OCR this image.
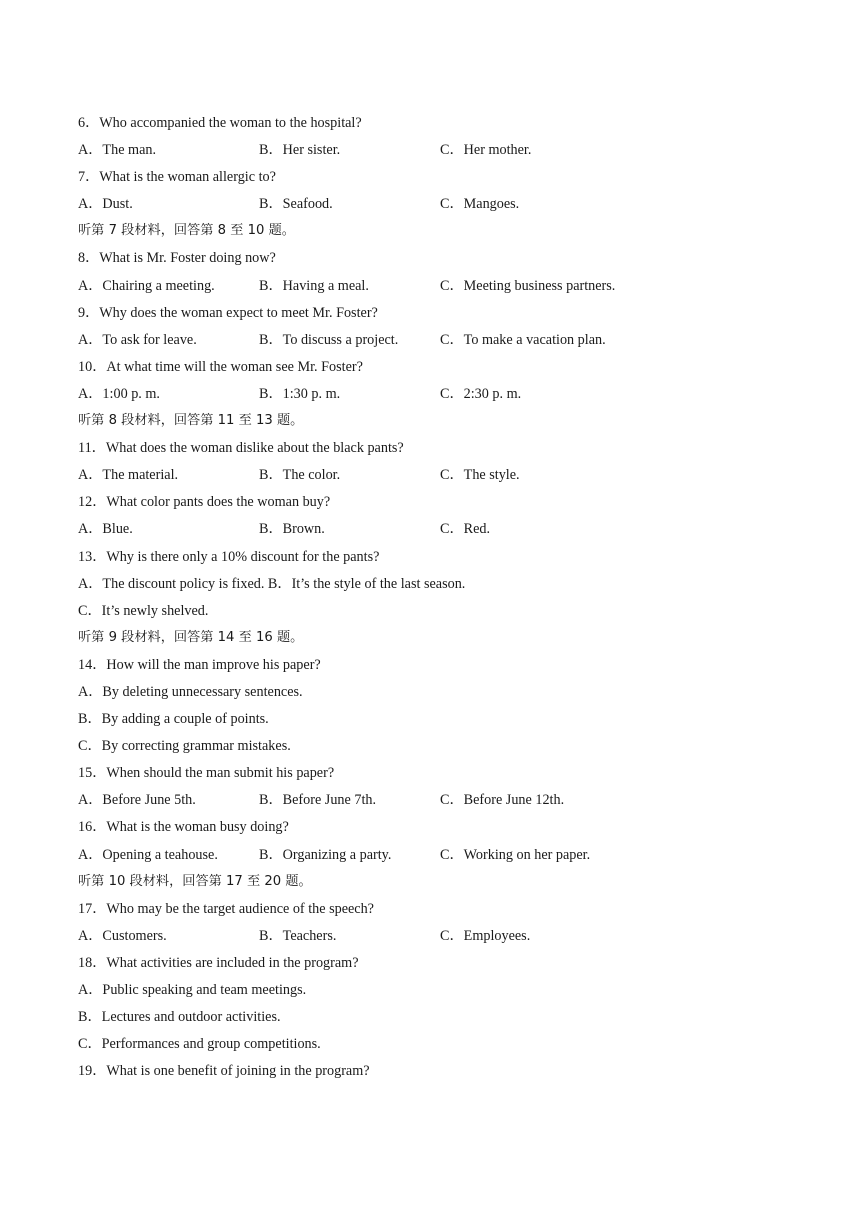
6．Who accompanied the woman to the hospital?
A．The man.	B．Her sister.	C．Her mother.
7．What is the woman allergic to?
A．Dust.	B．Seafood.	C．Mangoes.
听第 7 段材料，回答第 8 至 10 题。
8．What is Mr. Foster doing now?
A．Chairing a meeting.	B．Having a meal.	C．Meeting business partners.
9．Why does the woman expect to meet Mr. Foster?
A．To ask for leave.	B．To discuss a project.	C．To make a vacation plan.
10．At what time will the woman see Mr. Foster?
A．1:00 p. m.	B．1:30 p. m.	C．2:30 p. m.
听第 8 段材料，回答第 11 至 13 题。
11．What does the woman dislike about the black pants?
A．The material.	B．The color.	C．The style.
12．What color pants does the woman buy?
A．Blue.	B．Brown.	C．Red.
13．Why is there only a 10% discount for the pants?
A．The discount policy is fixed. B．It’s the style of the last season.
C．It’s newly shelved.
听第 9 段材料，回答第 14 至 16 题。
14．How will the man improve his paper?
A．By deleting unnecessary sentences.
B．By adding a couple of points.
C．By correcting grammar mistakes.
15．When should the man submit his paper?
A．Before June 5th.	B．Before June 7th.	C．Before June 12th.
16．What is the woman busy doing?
A．Opening a teahouse.	B．Organizing a party.	C．Working on her paper.
听第 10 段材料，回答第 17 至 20 题。
17．Who may be the target audience of the speech?
A．Customers.	B．Teachers.	C．Employees.
18．What activities are included in the program?
A．Public speaking and team meetings.
B．Lectures and outdoor activities.
C．Performances and group competitions.
19．What is one benefit of joining in the program?
